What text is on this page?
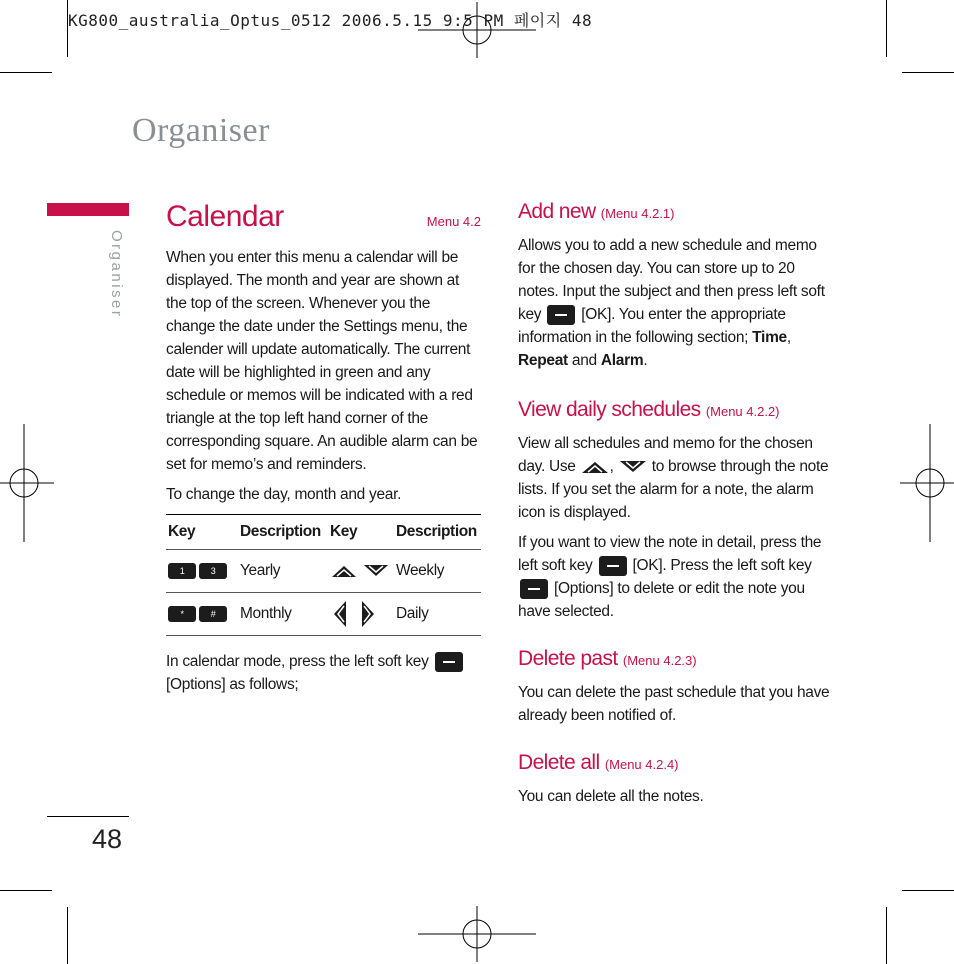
KG800_australia_Optus_0512 2006.5.15 9:5 PM 페이지 48
Organiser
Organiser
48
Calendar	Menu 4.2

When you enter this menu a calendar will be displayed. The month and year are shown at the top of the screen. Whenever you the change the date under the Settings menu, the calender will update automatically. The current date will be highlighted in green and any schedule or memos will be indicated with a red triangle at the top left hand corner of the corresponding square. An audible alarm can be set for memo’s and reminders.

To change the day, month and year.

Key	Description	Key	Description
1 3	Yearly		Weekly
* #	Monthly		Daily

In calendar mode, press the left soft key  [Options] as follows;

Add new (Menu 4.2.1)

Allows you to add a new schedule and memo for the chosen day. You can store up to 20 notes. Input the subject and then press left soft key	[OK]. You enter the appropriate information in the following section; Time, Repeat and Alarm.

View daily schedules (Menu 4.2.2)

View all schedules and memo for the chosen day. Use , to browse through the note lists. If you set the alarm for a note, the alarm icon is displayed.

If you want to view the note in detail, press the left soft key	[OK]. Press the left soft key  [Options] to delete or edit the note you have selected.

Delete past (Menu 4.2.3)

You can delete the past schedule that you have already been notified of.

Delete all (Menu 4.2.4)

You can delete all the notes.
